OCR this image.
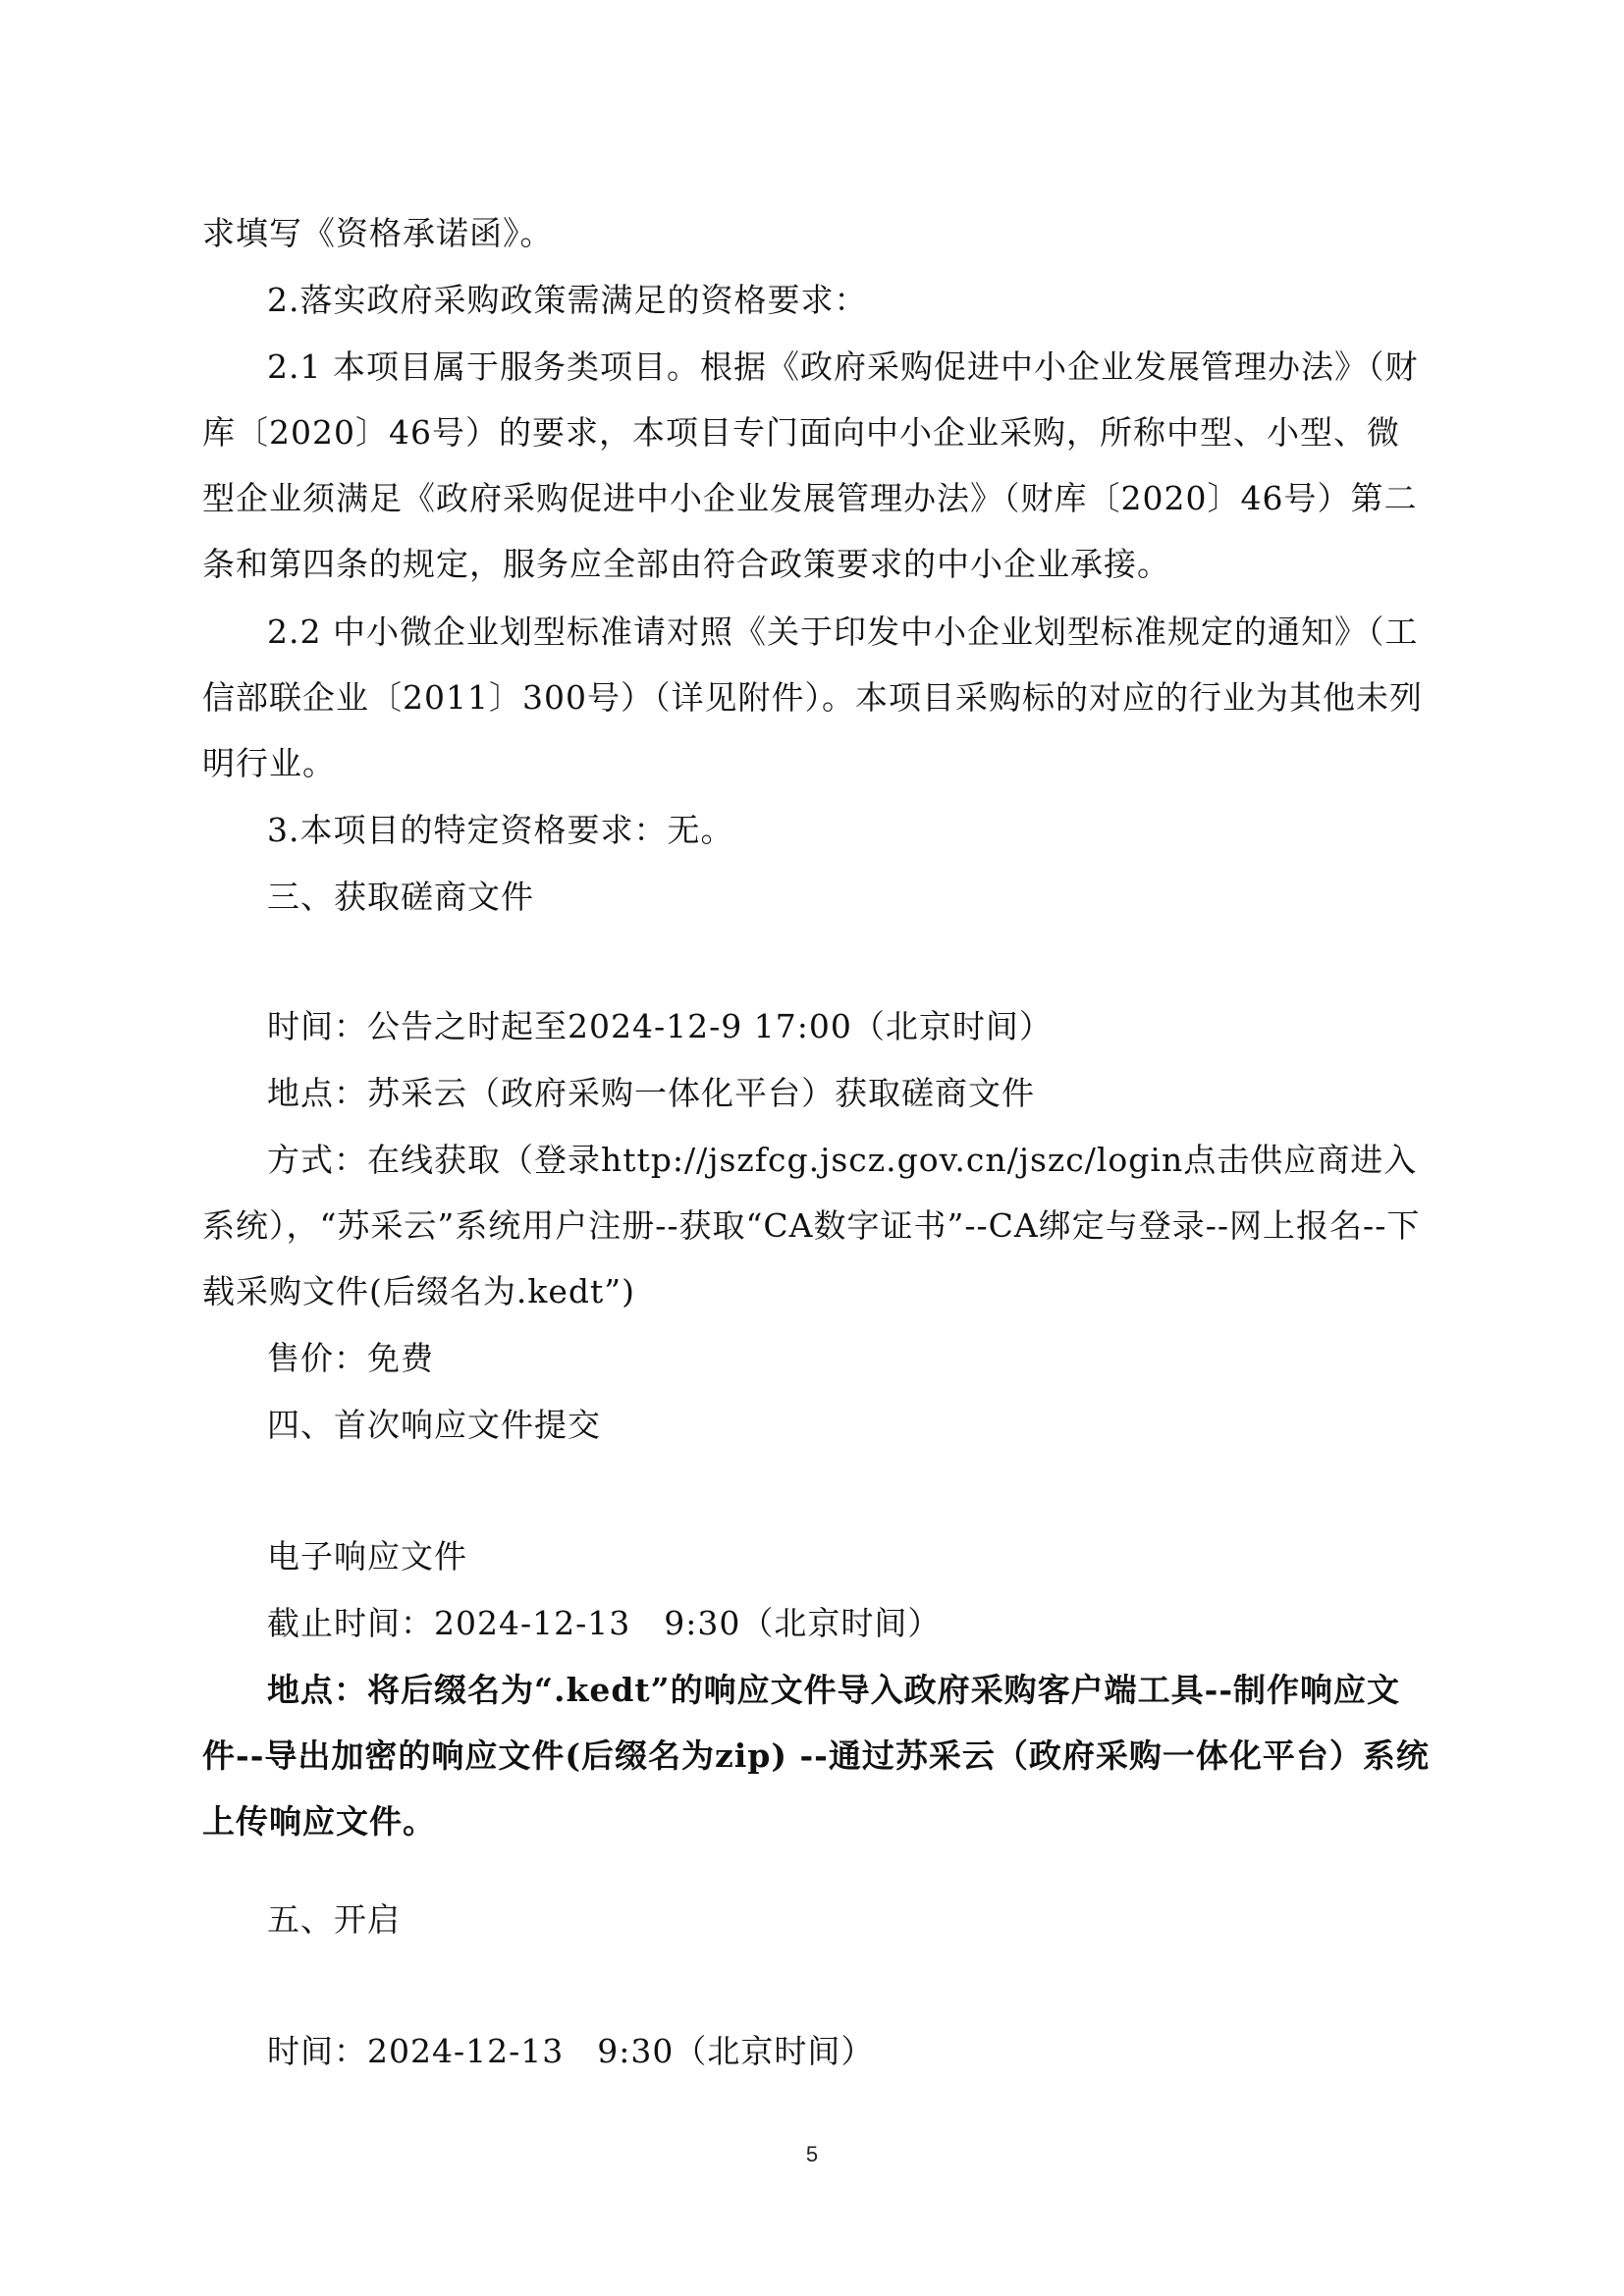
求填写《资格承诺函》。

2.落实政府采购政策需满足的资格要求：

2.1 本项目属于服务类项目。根据《政府采购促进中小企业发展管理办法》（财库〔2020〕46号）的要求，本项目专门面向中小企业采购，所称中型、小型、微型企业须满足《政府采购促进中小企业发展管理办法》（财库〔2020〕46号）第二条和第四条的规定，服务应全部由符合政策要求的中小企业承接。

2.2 中小微企业划型标准请对照《关于印发中小企业划型标准规定的通知》（工信部联企业〔2011〕300号）（详见附件）。本项目采购标的对应的行业为其他未列明行业。

3.本项目的特定资格要求：无。

三、获取磋商文件

时间：公告之时起至2024-12-9 17:00（北京时间）

地点：苏采云（政府采购一体化平台）获取磋商文件

方式：在线获取（登录http://jszfcg.jscz.gov.cn/jszc/login点击供应商进入系统），“苏采云”系统用户注册--获取“CA数字证书”--CA绑定与登录--网上报名--下载采购文件(后缀名为.kedt”)

售价：免费

四、首次响应文件提交

电子响应文件

截止时间：2024-12-13　9:30（北京时间）

地点：将后缀名为“.kedt”的响应文件导入政府采购客户端工具--制作响应文件--导出加密的响应文件(后缀名为zip) --通过苏采云（政府采购一体化平台）系统上传响应文件。

五、开启

时间：2024-12-13　9:30（北京时间）

5
